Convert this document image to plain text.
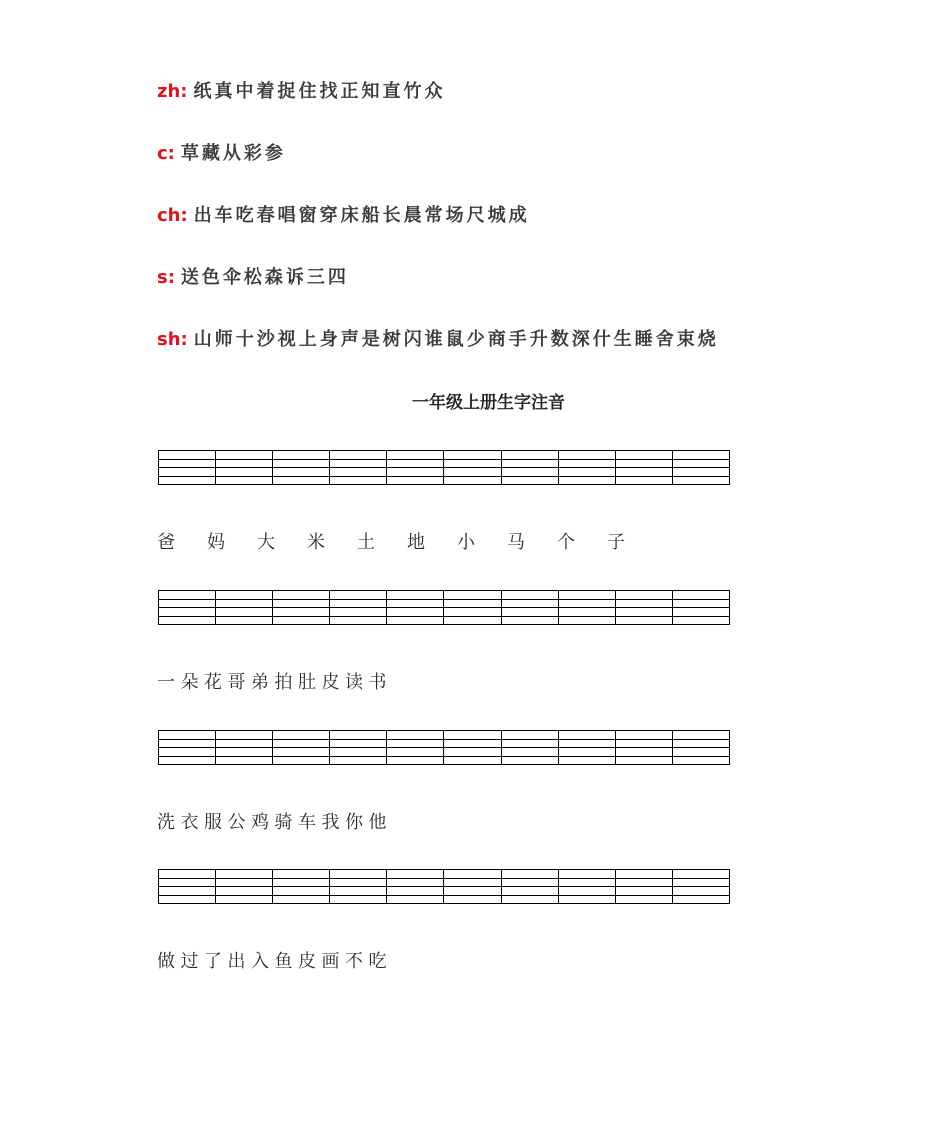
zh: 纸真中着捉住找正知直竹众
c: 草藏从彩参
ch: 出车吃春唱窗穿床船长晨常场尺城成
s: 送色伞松森诉三四
sh: 山师十沙视上身声是树闪谁鼠少商手升数深什生睡舍束烧
一年级上册生字注音

爸 妈 大 米 土 地 小 马 个 子

一 朵 花 哥 弟 拍 肚 皮 读 书

洗 衣 服 公 鸡 骑 车 我 你 他

做 过 了 出 入 鱼 皮 画 不 吃
